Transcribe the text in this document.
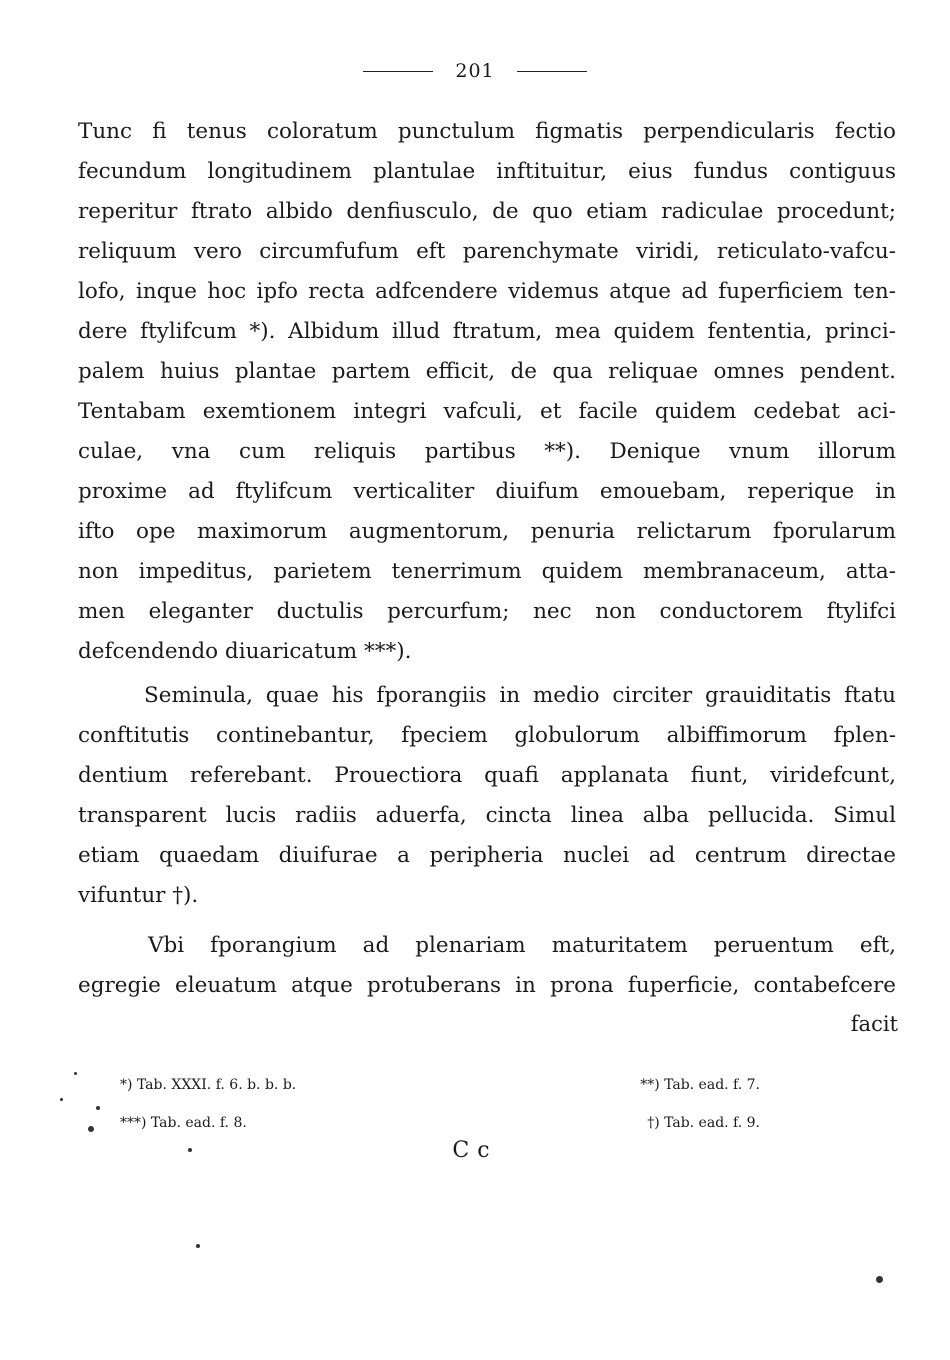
201
Tunc fi tenus coloratum punctulum figmatis perpendicularis fectio
fecundum longitudinem plantulae inftituitur, eius fundus contiguus
reperitur ftrato albido denfiusculo, de quo etiam radiculae procedunt;
reliquum vero circumfufum eft parenchymate viridi, reticulato-vafcu-
lofo, inque hoc ipfo recta adfcendere videmus atque ad fuperficiem ten-
dere ftylifcum *). Albidum illud ftratum, mea quidem fententia, princi-
palem huius plantae partem efficit, de qua reliquae omnes pendent.
Tentabam exemtionem integri vafculi, et facile quidem cedebat aci-
culae, vna cum reliquis partibus **). Denique vnum illorum
proxime ad ftylifcum verticaliter diuifum emouebam, reperique in
ifto ope maximorum augmentorum, penuria relictarum fporularum
non impeditus, parietem tenerrimum quidem membranaceum, atta-
men eleganter ductulis percurfum; nec non conductorem ftylifci
defcendendo diuaricatum ***).
Seminula, quae his fporangiis in medio circiter grauiditatis ftatu
conftitutis continebantur, fpeciem globulorum albiffimorum fplen-
dentium referebant. Prouectiora quafi applanata fiunt, viridefcunt,
transparent lucis radiis aduerfa, cincta linea alba pellucida. Simul
etiam quaedam diuifurae a peripheria nuclei ad centrum directae
vifuntur †).
Vbi fporangium ad plenariam maturitatem peruentum eft,
egregie eleuatum atque protuberans in prona fuperficie, contabefcere
facit
*) Tab. XXXI. f. 6. b. b. b.	**) Tab. ead. f. 7.
***) Tab. ead. f. 8.	†) Tab. ead. f. 9.
Cc
